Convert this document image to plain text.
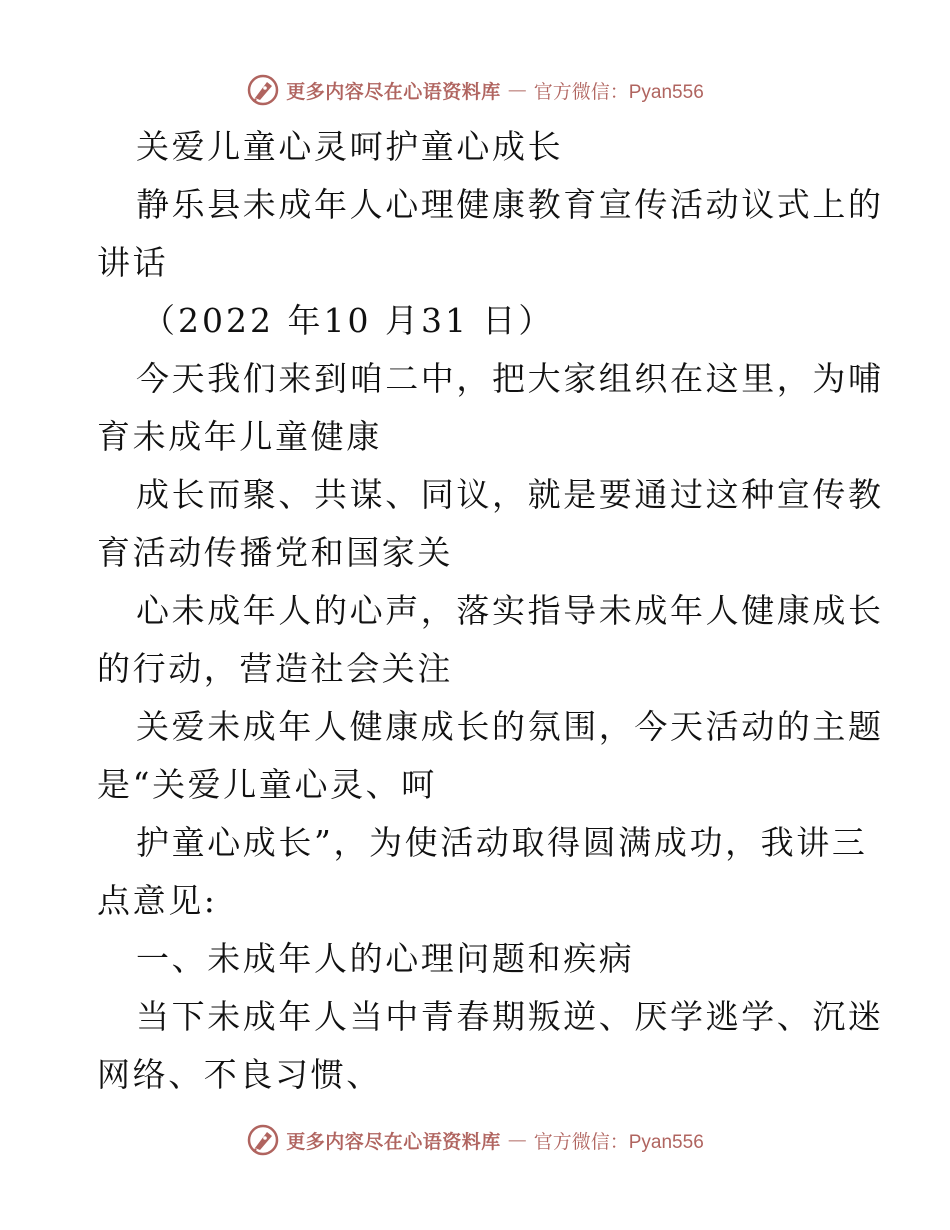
更多内容尽在心语资料库 — 官方微信：Pyan556
关爱儿童心灵呵护童心成长
静乐县未成年人心理健康教育宣传活动议式上的
讲话
（2022 年10 月31 日）
今天我们来到咱二中，把大家组织在这里，为哺
育未成年儿童健康
成长而聚、共谋、同议，就是要通过这种宣传教
育活动传播党和国家关
心未成年人的心声，落实指导未成年人健康成长
的行动，营造社会关注
关爱未成年人健康成长的氛围，今天活动的主题
是“关爱儿童心灵、呵
护童心成长”，为使活动取得圆满成功，我讲三
点意见:
一、未成年人的心理问题和疾病
当下未成年人当中青春期叛逆、厌学逃学、沉迷
网络、不良习惯、
更多内容尽在心语资料库 — 官方微信：Pyan556
